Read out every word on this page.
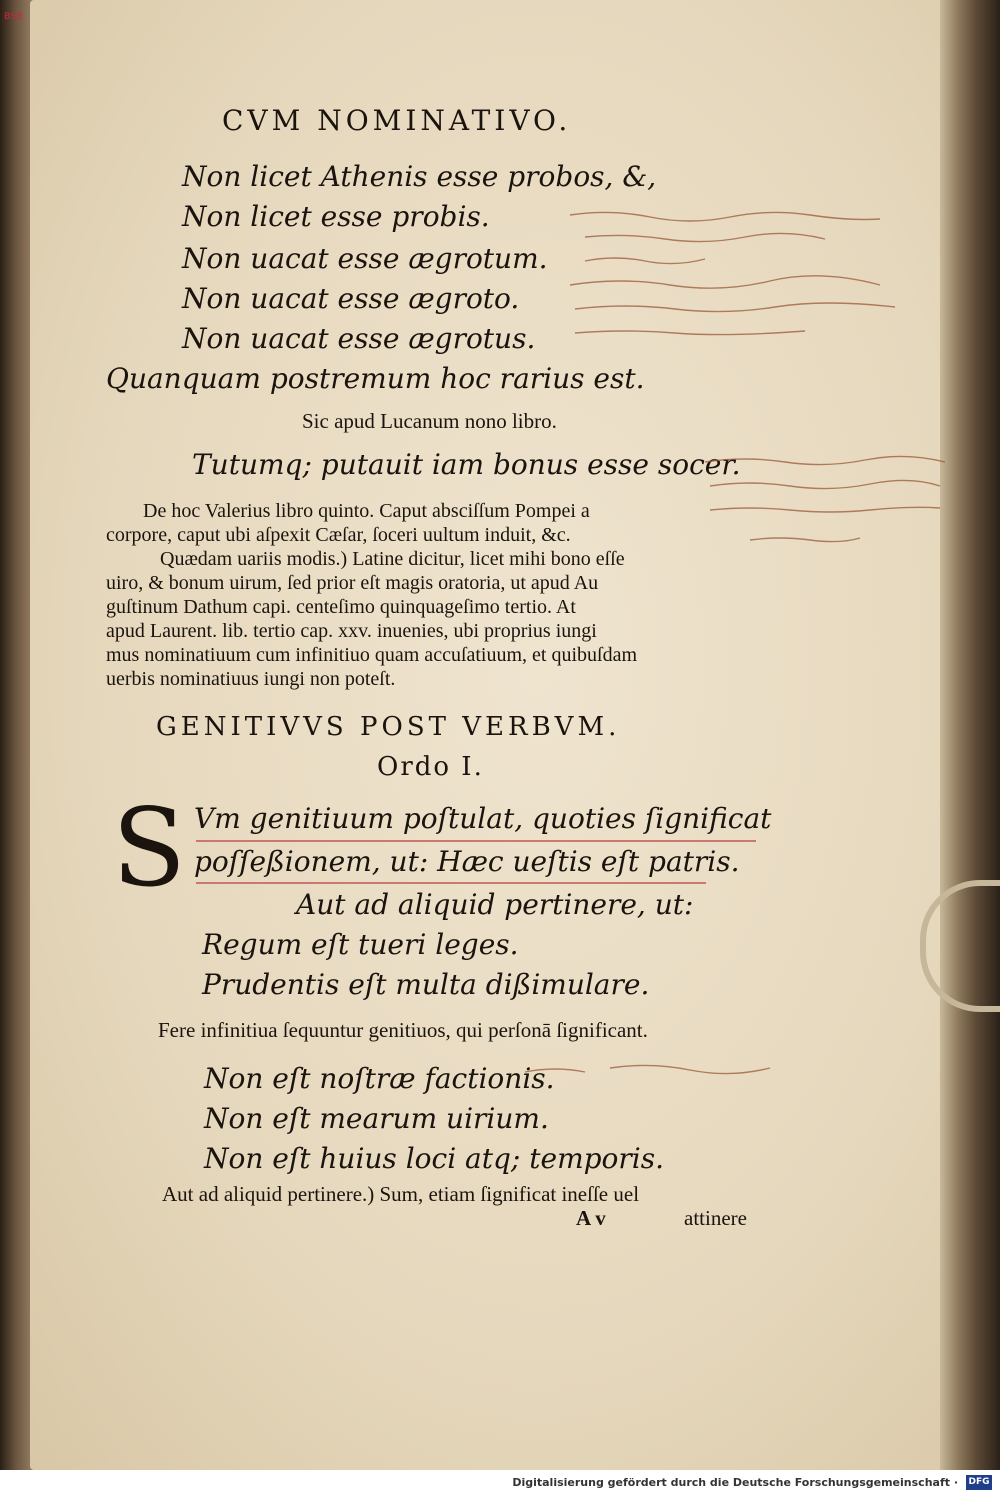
BSB
CVM NOMINATIVO.
Non licet Athenis esse probos, &,
Non licet esse probis.
Non uacat esse ægrotum.
Non uacat esse ægroto.
Non uacat esse ægrotus.
Quanquam postremum hoc rarius est.
Sic apud Lucanum nono libro.
Tutumq; putauit iam bonus esse socer.
De hoc Valerius libro quinto. Caput absciſſum Pompei a
corpore, caput ubi aſpexit Cæſar, ſoceri uultum induit, &c.
Quædam uariis modis.) Latine dicitur, licet mihi bono eſſe
uiro, & bonum uirum, ſed prior eſt magis oratoria, ut apud Au
guſtinum Dathum capi. centeſimo quinquageſimo tertio. At
apud Laurent. lib. tertio cap. xxv. inuenies, ubi proprius iungi
mus nominatiuum cum infinitiuo quam accuſatiuum, et quibuſdam
uerbis nominatiuus iungi non poteſt.
GENITIVVS POST VERBVM.
Ordo I.
S Vm genitiuum poſtulat, quoties ſignificat
poſſeßionem, ut: Hæc ueſtis eſt patris.
Aut ad aliquid pertinere, ut:
Regum eſt tueri leges.
Prudentis eſt multa dißimulare.
Fere infinitiua ſequuntur genitiuos, qui perſonā ſignificant.
Non eſt noſtræ factionis.
Non eſt mearum uirium.
Non eſt huius loci atq; temporis.
Aut ad aliquid pertinere.) Sum, etiam ſignificat ineſſe uel
A v	attinere
Digitalisierung gefördert durch die Deutsche Forschungsgemeinschaft · DFG
